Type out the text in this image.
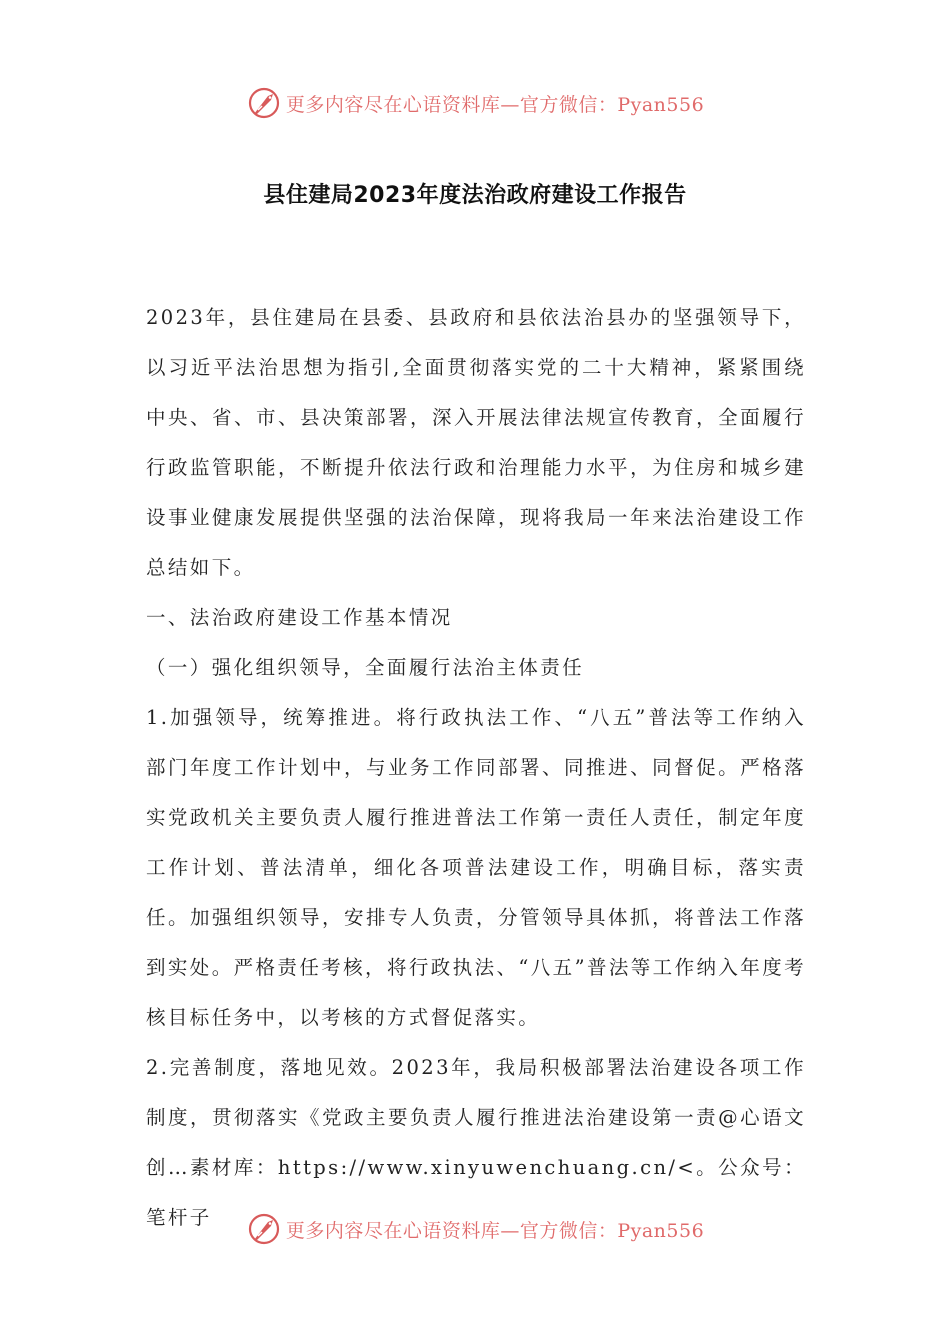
更多内容尽在心语资料库—官方微信：Pyan556
县住建局2023年度法治政府建设工作报告

2023年，县住建局在县委、县政府和县依法治县办的坚强领导下，以习近平法治思想为指引,全面贯彻落实党的二十大精神，紧紧围绕中央、省、市、县决策部署，深入开展法律法规宣传教育，全面履行行政监管职能，不断提升依法行政和治理能力水平，为住房和城乡建设事业健康发展提供坚强的法治保障，现将我局一年来法治建设工作总结如下。

一、法治政府建设工作基本情况

（一）强化组织领导，全面履行法治主体责任

1.加强领导，统筹推进。将行政执法工作、“八五”普法等工作纳入部门年度工作计划中，与业务工作同部署、同推进、同督促。严格落实党政机关主要负责人履行推进普法工作第一责任人责任，制定年度工作计划、普法清单，细化各项普法建设工作，明确目标，落实责任。加强组织领导，安排专人负责，分管领导具体抓，将普法工作落到实处。严格责任考核，将行政执法、“八五”普法等工作纳入年度考核目标任务中，以考核的方式督促落实。

2.完善制度，落地见效。2023年，我局积极部署法治建设各项工作制度，贯彻落实《党政主要负责人履行推进法治建设第一责@心语文创…素材库：https://www.xinyuwenchuang.cn/<。公众号：笔杆子

更多内容尽在心语资料库—官方微信：Pyan556
